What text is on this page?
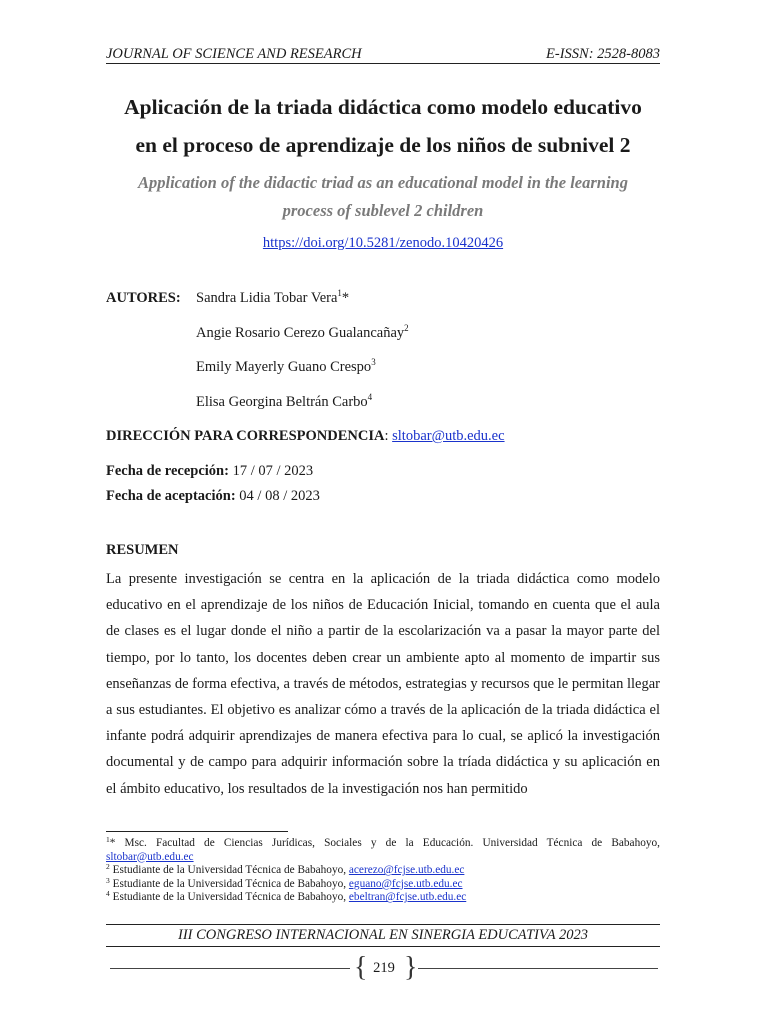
JOURNAL OF SCIENCE AND RESEARCH	E-ISSN: 2528-8083
Aplicación de la triada didáctica como modelo educativo
en el proceso de aprendizaje de los niños de subnivel 2
Application of the didactic triad as an educational model in the learning
process of sublevel 2 children
https://doi.org/10.5281/zenodo.10420426
AUTORES: Sandra Lidia Tobar Vera$^1$*
Angie Rosario Cerezo Gualancañay$^2$
Emily Mayerly Guano Crespo$^3$
Elisa Georgina Beltrán Carbo$^4$
DIRECCIÓN PARA CORRESPONDENCIA: sltobar@utb.edu.ec
Fecha de recepción: 17 / 07 / 2023
Fecha de aceptación: 04 / 08 / 2023
RESUMEN
La presente investigación se centra en la aplicación de la triada didáctica como modelo educativo en el aprendizaje de los niños de Educación Inicial, tomando en cuenta que el aula de clases es el lugar donde el niño a partir de la escolarización va a pasar la mayor parte del tiempo, por lo tanto, los docentes deben crear un ambiente apto al momento de impartir sus enseñanzas de forma efectiva, a través de métodos, estrategias y recursos que le permitan llegar a sus estudiantes. El objetivo es analizar cómo a través de la aplicación de la triada didáctica el infante podrá adquirir aprendizajes de manera efectiva para lo cual, se aplicó la investigación documental y de campo para adquirir información sobre la tríada didáctica y su aplicación en el ámbito educativo, los resultados de la investigación nos han permitido
$^1$* Msc. Facultad de Ciencias Jurídicas, Sociales y de la Educación. Universidad Técnica de Babahoyo, sltobar@utb.edu.ec
$^2$ Estudiante de la Universidad Técnica de Babahoyo, acerezo@fcjse.utb.edu.ec
$^3$ Estudiante de la Universidad Técnica de Babahoyo, eguano@fcjse.utb.edu.ec
$^4$ Estudiante de la Universidad Técnica de Babahoyo, ebeltran@fcjse.utb.edu.ec
III CONGRESO INTERNACIONAL EN SINERGIA EDUCATIVA 2023
{ 219 }
